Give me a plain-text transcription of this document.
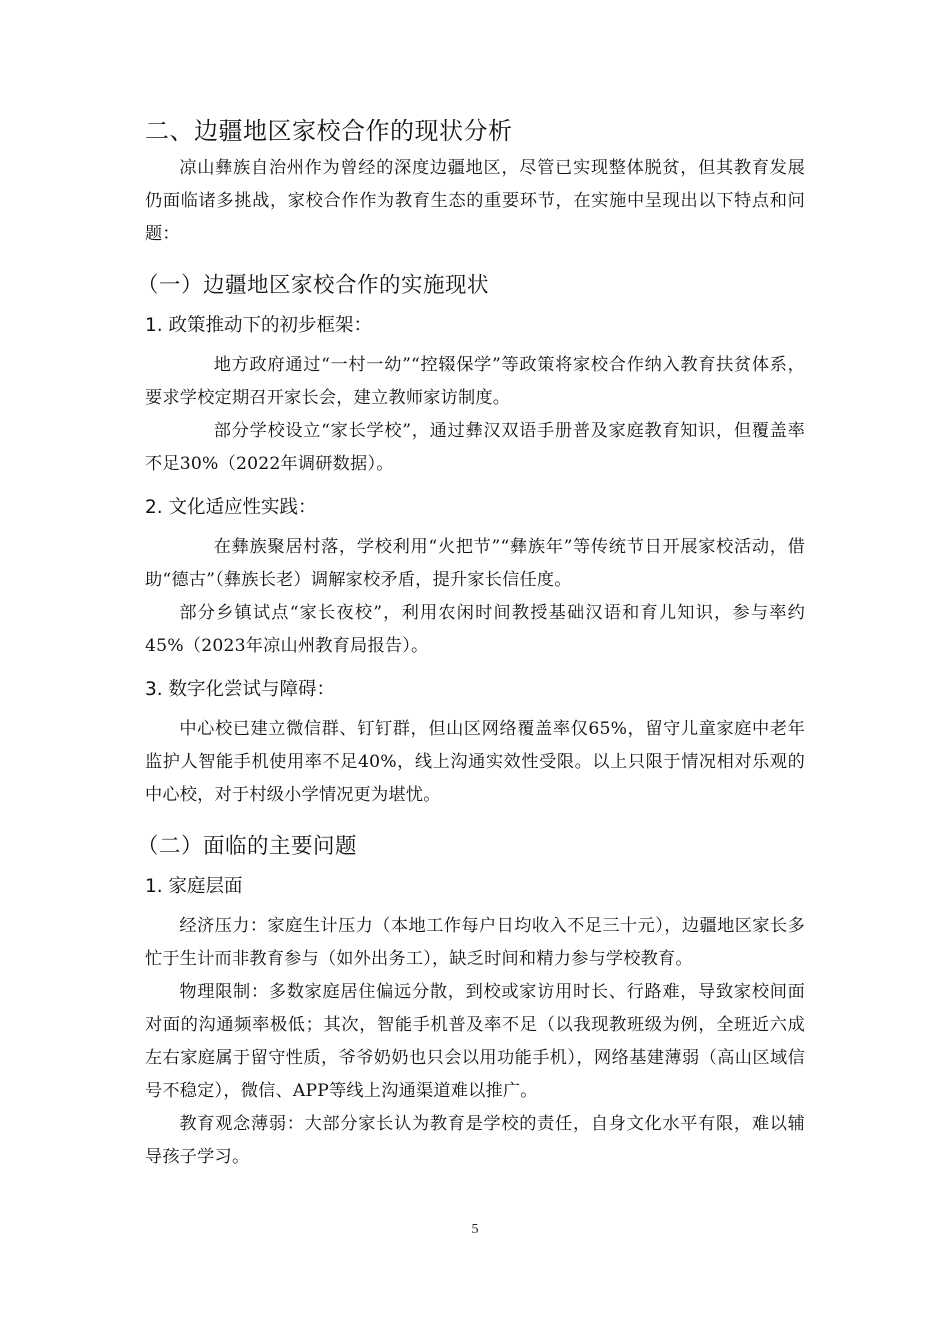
二、边疆地区家校合作的现状分析

凉山彝族自治州作为曾经的深度边疆地区，尽管已实现整体脱贫，但其教育发展仍面临诸多挑战，家校合作作为教育生态的重要环节，在实施中呈现出以下特点和问题：

（一）边疆地区家校合作的实施现状
1. 政策推动下的初步框架：

地方政府通过“一村一幼”“控辍保学”等政策将家校合作纳入教育扶贫体系，要求学校定期召开家长会，建立教师家访制度。

部分学校设立“家长学校”，通过彝汉双语手册普及家庭教育知识，但覆盖率不足30%（2022年调研数据）。

2. 文化适应性实践：

在彝族聚居村落，学校利用“火把节”“彝族年”等传统节日开展家校活动，借助“德古”（彝族长老）调解家校矛盾，提升家长信任度。

部分乡镇试点“家长夜校”，利用农闲时间教授基础汉语和育儿知识，参与率约45%（2023年凉山州教育局报告）。

3. 数字化尝试与障碍：

中心校已建立微信群、钉钉群，但山区网络覆盖率仅65%，留守儿童家庭中老年监护人智能手机使用率不足40%，线上沟通实效性受限。以上只限于情况相对乐观的中心校，对于村级小学情况更为堪忧。

（二）面临的主要问题
1. 家庭层面

经济压力：家庭生计压力（本地工作每户日均收入不足三十元），边疆地区家长多忙于生计而非教育参与（如外出务工），缺乏时间和精力参与学校教育。

物理限制：多数家庭居住偏远分散，到校或家访用时长、行路难，导致家校间面对面的沟通频率极低；其次，智能手机普及率不足（以我现教班级为例，全班近六成左右家庭属于留守性质，爷爷奶奶也只会以用功能手机），网络基建薄弱（高山区域信号不稳定），微信、APP等线上沟通渠道难以推广。

教育观念薄弱：大部分家长认为教育是学校的责任，自身文化水平有限，难以辅导孩子学习。

5
